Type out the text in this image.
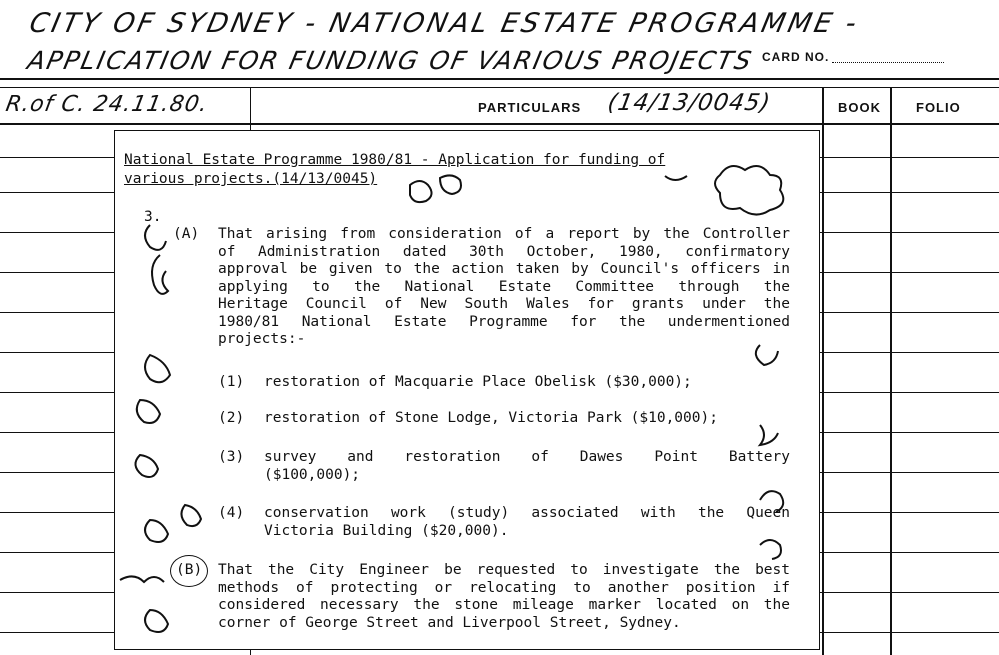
CITY OF SYDNEY - NATIONAL ESTATE PROGRAMME -
APPLICATION FOR FUNDING OF VARIOUS PROJECTS CARD NO.
R.of C. 24.11.80.	PARTICULARS (14/13/0045)	BOOK	FOLIO
National Estate Programme 1980/81 - Application for funding of
various projects.(14/13/0045)
3.
(A) That arising from consideration of a report by the Controller
of Administration dated 30th October, 1980, confirmatory
approval be given to the action taken by Council's officers in
applying to the National Estate Committee through the
Heritage Council of New South Wales for grants under the
1980/81 National Estate Programme for the undermentioned
projects:-
(1) restoration of Macquarie Place Obelisk ($30,000);
(2) restoration of Stone Lodge, Victoria Park ($10,000);
(3) survey and restoration of Dawes Point Battery
($100,000);
(4) conservation work (study) associated with the Queen
Victoria Building ($20,000).
(B) That the City Engineer be requested to investigate the best
methods of protecting or relocating to another position if
considered necessary the stone mileage marker located on the
corner of George Street and Liverpool Street, Sydney.
